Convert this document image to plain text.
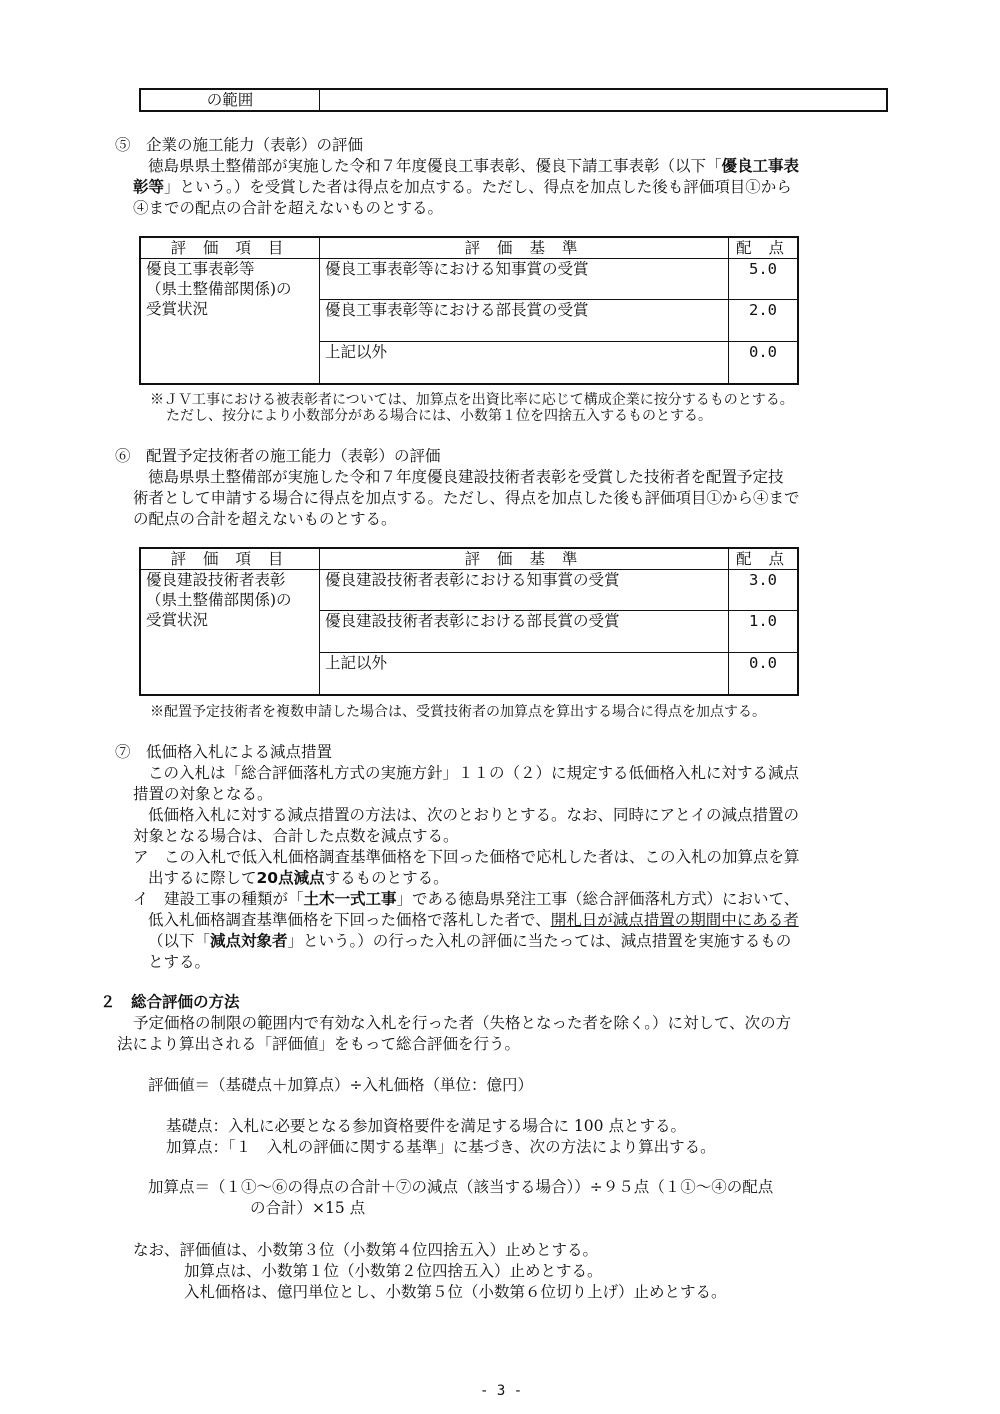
の範囲	
⑤　企業の施工能力（表彰）の評価
徳島県県土整備部が実施した令和７年度優良工事表彰、優良下請工事表彰（以下「優良工事表
彰等」という。）を受賞した者は得点を加点する。ただし、得点を加点した後も評価項目①から
④までの配点の合計を超えないものとする。
評 価 項 目	評 価 基 準	配 点

優良工事表彰等
（県土整備部関係)の
受賞状況	優良工事表彰等における知事賞の受賞	5.0
	優良工事表彰等における部長賞の受賞	2.0
	上記以外	0.0
※ＪＶ工事における被表彰者については、加算点を出資比率に応じて構成企業に按分するものとする。
ただし、按分により小数部分がある場合には、小数第１位を四捨五入するものとする。
⑥　配置予定技術者の施工能力（表彰）の評価
徳島県県土整備部が実施した令和７年度優良建設技術者表彰を受賞した技術者を配置予定技
術者として申請する場合に得点を加点する。ただし、得点を加点した後も評価項目①から④まで
の配点の合計を超えないものとする。
評 価 項 目	評 価 基 準	配 点

優良建設技術者表彰
（県土整備部関係)の
受賞状況	優良建設技術者表彰における知事賞の受賞	3.0
	優良建設技術者表彰における部長賞の受賞	1.0
	上記以外	0.0
※配置予定技術者を複数申請した場合は、受賞技術者の加算点を算出する場合に得点を加点する。
⑦　低価格入札による減点措置
この入札は「総合評価落札方式の実施方針」１１の（２）に規定する低価格入札に対する減点
措置の対象となる。
低価格入札に対する減点措置の方法は、次のとおりとする。なお、同時にアとイの減点措置の
対象となる場合は、合計した点数を減点する。
ア　この入札で低入札価格調査基準価格を下回った価格で応札した者は、この入札の加算点を算
出するに際して20点減点するものとする。
イ　建設工事の種類が「土木一式工事」である徳島県発注工事（総合評価落札方式）において、
低入札価格調査基準価格を下回った価格で落札した者で、開札日が減点措置の期間中にある者
（以下「減点対象者」という。）の行った入札の評価に当たっては、減点措置を実施するもの
とする。
２　総合評価の方法
予定価格の制限の範囲内で有効な入札を行った者（失格となった者を除く。）に対して、次の方
法により算出される「評価値」をもって総合評価を行う。
評価値＝（基礎点＋加算点）÷入札価格（単位：億円）
基礎点：入札に必要となる参加資格要件を満足する場合に 100 点とする。
加算点：「１　入札の評価に関する基準」に基づき、次の方法により算出する。
加算点＝（１①～⑥の得点の合計＋⑦の減点（該当する場合））÷９５点（１①～④の配点
の合計）×15 点
なお、評価値は、小数第３位（小数第４位四捨五入）止めとする。
加算点は、小数第１位（小数第２位四捨五入）止めとする。
入札価格は、億円単位とし、小数第５位（小数第６位切り上げ）止めとする。
- 3 -
